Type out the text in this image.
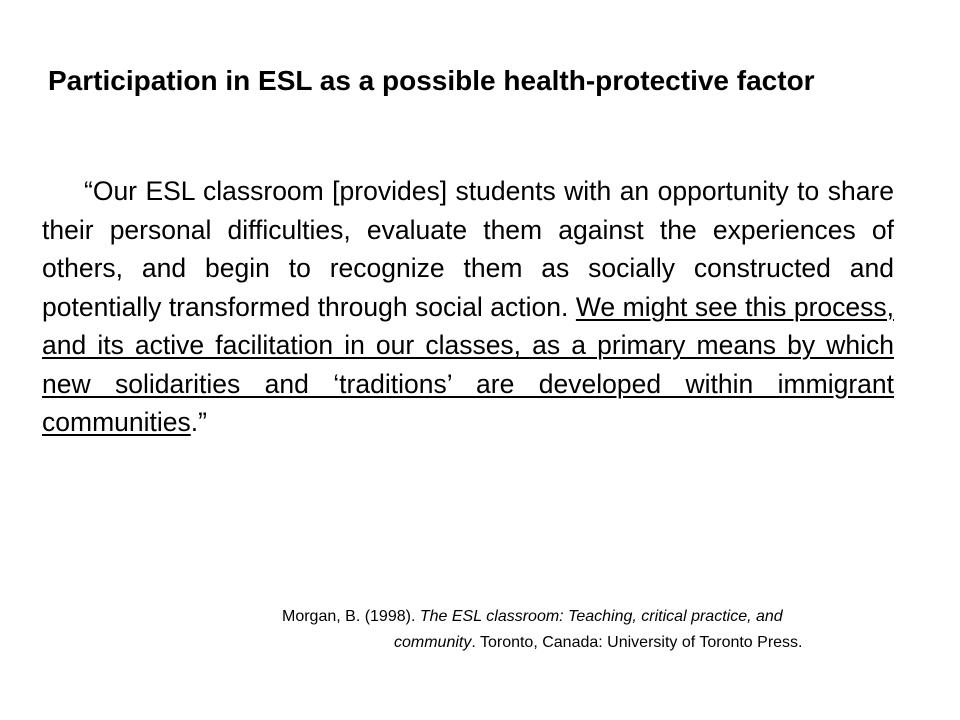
Participation in ESL as a possible health-protective factor

“Our ESL classroom [provides] students with an opportunity to share their personal difficulties, evaluate them against the experiences of others, and begin to recognize them as socially constructed and potentially transformed through social action. We might see this process, and its active facilitation in our classes, as a primary means by which new solidarities and ‘traditions’ are developed within immigrant communities.”

Morgan, B. (1998). The ESL classroom: Teaching, critical practice, and
community. Toronto, Canada: University of Toronto Press.
